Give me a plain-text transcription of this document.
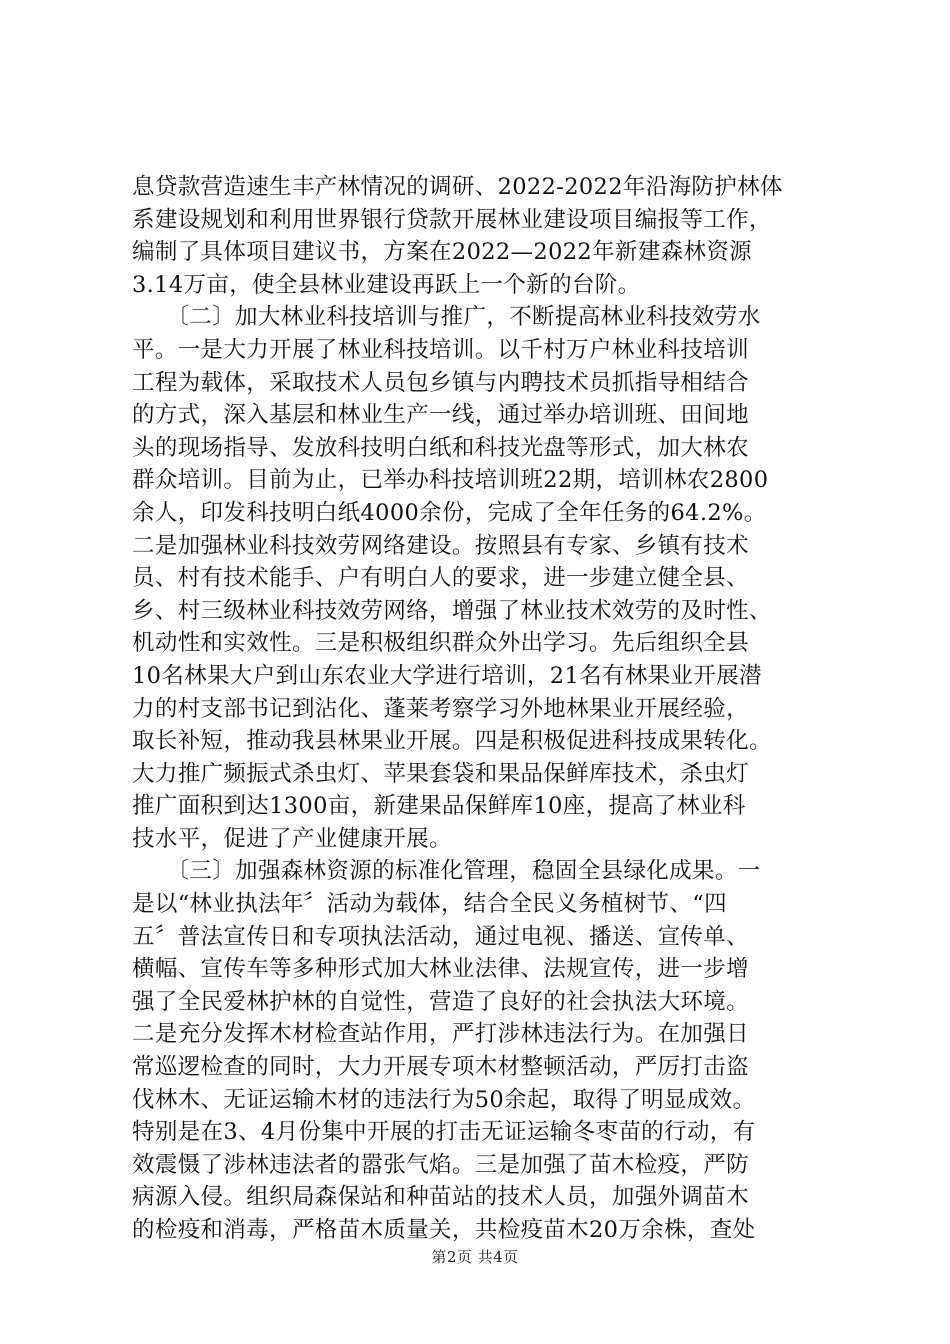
息贷款营造速生丰产林情况的调研、2022-2022年沿海防护林体
系建设规划和利用世界银行贷款开展林业建设项目编报等工作，
编制了具体项目建议书，方案在2022—2022年新建森林资源
3.14万亩，使全县林业建设再跃上一个新的台阶。
　　〔二〕加大林业科技培训与推广，不断提高林业科技效劳水
平。一是大力开展了林业科技培训。以千村万户林业科技培训
工程为载体，采取技术人员包乡镇与内聘技术员抓指导相结合
的方式，深入基层和林业生产一线，通过举办培训班、田间地
头的现场指导、发放科技明白纸和科技光盘等形式，加大林农
群众培训。目前为止，已举办科技培训班22期，培训林农2800
余人，印发科技明白纸4000余份，完成了全年任务的64.2%。
二是加强林业科技效劳网络建设。按照县有专家、乡镇有技术
员、村有技术能手、户有明白人的要求，进一步建立健全县、
乡、村三级林业科技效劳网络，增强了林业技术效劳的及时性、
机动性和实效性。三是积极组织群众外出学习。先后组织全县
10名林果大户到山东农业大学进行培训，21名有林果业开展潜
力的村支部书记到沾化、蓬莱考察学习外地林果业开展经验，
取长补短，推动我县林果业开展。四是积极促进科技成果转化。
大力推广频振式杀虫灯、苹果套袋和果品保鲜库技术，杀虫灯
推广面积到达1300亩，新建果品保鲜库10座，提高了林业科
技水平，促进了产业健康开展。
　　〔三〕加强森林资源的标准化管理，稳固全县绿化成果。一
是以“林业执法年〞活动为载体，结合全民义务植树节、“四
五〞普法宣传日和专项执法活动，通过电视、播送、宣传单、
横幅、宣传车等多种形式加大林业法律、法规宣传，进一步增
强了全民爱林护林的自觉性，营造了良好的社会执法大环境。
二是充分发挥木材检查站作用，严打涉林违法行为。在加强日
常巡逻检查的同时，大力开展专项木材整顿活动，严厉打击盗
伐林木、无证运输木材的违法行为50余起，取得了明显成效。
特别是在3、4月份集中开展的打击无证运输冬枣苗的行动，有
效震慑了涉林违法者的嚣张气焰。三是加强了苗木检疫，严防
病源入侵。组织局森保站和种苗站的技术人员，加强外调苗木
的检疫和消毒，严格苗木质量关，共检疫苗木20万余株，查处
第2页 共4页
